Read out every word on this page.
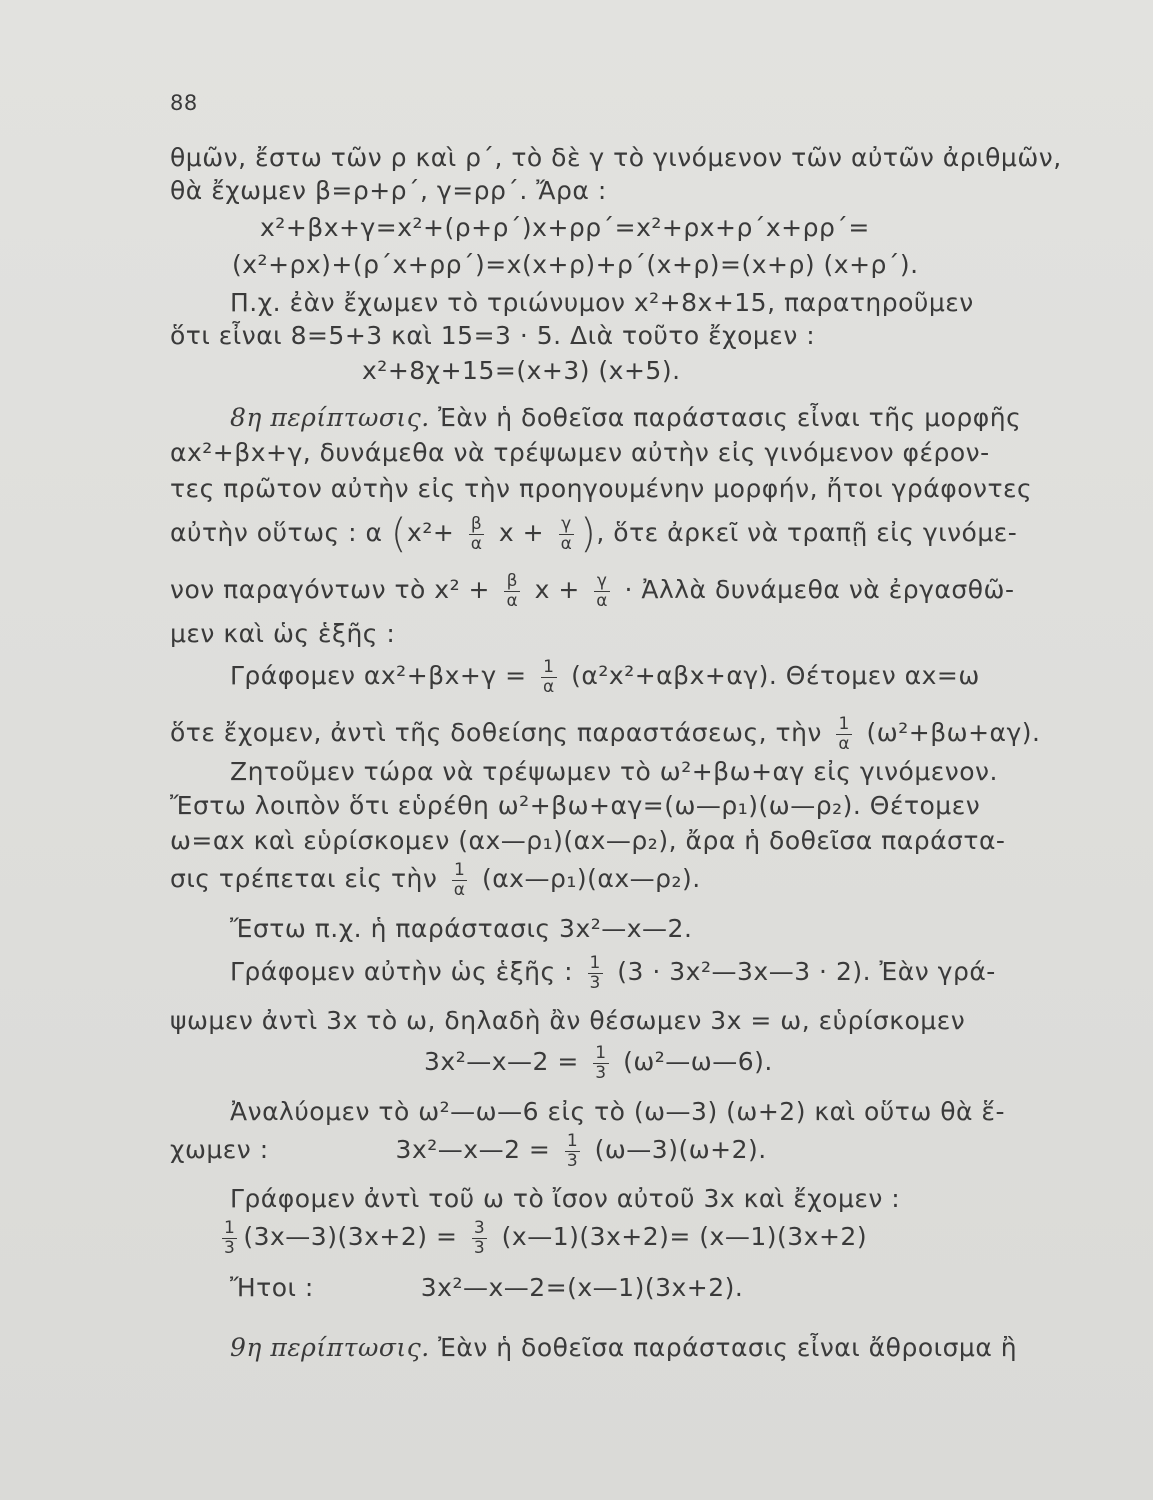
88
θμῶν, ἔστω τῶν ρ καὶ ρ΄, τὸ δὲ γ τὸ γινόμενον τῶν αὐτῶν ἀριθμῶν,
θὰ ἔχωμεν β=ρ+ρ΄, γ=ρρ΄. Ἄρα :
x²+βx+γ=x²+(ρ+ρ΄)x+ρρ΄=x²+ρx+ρ΄x+ρρ΄=
(x²+ρx)+(ρ΄x+ρρ΄)=x(x+ρ)+ρ΄(x+ρ)=(x+ρ) (x+ρ΄).
Π.χ. ἐὰν ἔχωμεν τὸ τριώνυμον x²+8x+15, παρατηροῦμεν
ὅτι εἶναι 8=5+3 καὶ 15=3 · 5. Διὰ τοῦτο ἔχομεν :
x²+8χ+15=(x+3) (x+5).
8η περίπτωσις. Ἐὰν ἡ δοθεῖσα παράστασις εἶναι τῆς μορφῆς
αx²+βx+γ, δυνάμεθα νὰ τρέψωμεν αὐτὴν εἰς γινόμενον φέρον-
τες πρῶτον αὐτὴν εἰς τὴν προηγουμένην μορφήν, ἤτοι γράφοντες
αὐτὴν οὕτως : α ($x^2+ \frac{\beta}{\alpha}$ $x + \frac{\gamma}{\alpha}$ ), ὅτε ἀρκεῖ νὰ τραπῇ εἰς γινόμε-
νον παραγόντων τὸ $x^2 + \frac{\beta}{\alpha}$ $x + \frac{\gamma}{\alpha}$ · Ἀλλὰ δυνάμεθα νὰ ἐργασθῶ-
μεν καὶ ὡς ἑξῆς :
Γράφομεν $\alpha x^2+\beta x+\gamma = \frac{1}{\alpha} (\alpha^2x^2+\alpha\beta x+\alpha\gamma)$. Θέτομεν αx=ω
ὅτε ἔχομεν, ἀντὶ τῆς δοθείσης παραστάσεως, τὴν $\frac{1}{\alpha} (\omega^2+\beta\omega+\alpha\gamma)$.
Ζητοῦμεν τώρα νὰ τρέψωμεν τὸ ω²+βω+αγ εἰς γινόμενον.
Ἔστω λοιπὸν ὅτι εὑρέθη ω²+βω+αγ=(ω—ρ₁)(ω—ρ₂). Θέτομεν
ω=αx καὶ εὑρίσκομεν (αx—ρ₁)(αx—ρ₂), ἄρα ἡ δοθεῖσα παράστα-
σις τρέπεται εἰς τὴν $\frac{1}{\alpha}$ (αx—ρ₁)(αx—ρ₂).
Ἔστω π.χ. ἡ παράστασις 3x²—x—2.
Γράφομεν αὐτὴν ὡς ἑξῆς : $\frac{1}{3} (3$ · 3x²—3x—3 · 2). Ἐὰν γρά-
ψωμεν ἀντὶ 3x τὸ ω, δηλαδὴ ἂν θέσωμεν 3x = ω, εὑρίσκομεν
3x²—x—2 = $\frac{1}{3}$ (ω²—ω—6).
Ἀναλύομεν τὸ ω²—ω—6 εἰς τὸ (ω—3) (ω+2) καὶ οὕτω θὰ ἕ-
χωμεν :	3x²—x—2 = $\frac{1}{3}$ (ω—3)(ω+2).
Γράφομεν ἀντὶ τοῦ ω τὸ ἴσον αὐτοῦ 3x καὶ ἔχομεν :
$\frac{1}{3}$ (3x—3)(3x+2) = $\frac{3}{3}$ (x—1)(3x+2)= (x—1)(3x+2)
Ἤτοι :	3x²—x—2=(x—1)(3x+2).
9η περίπτωσις. Ἐὰν ἡ δοθεῖσα παράστασις εἶναι ἄθροισμα ἢ
